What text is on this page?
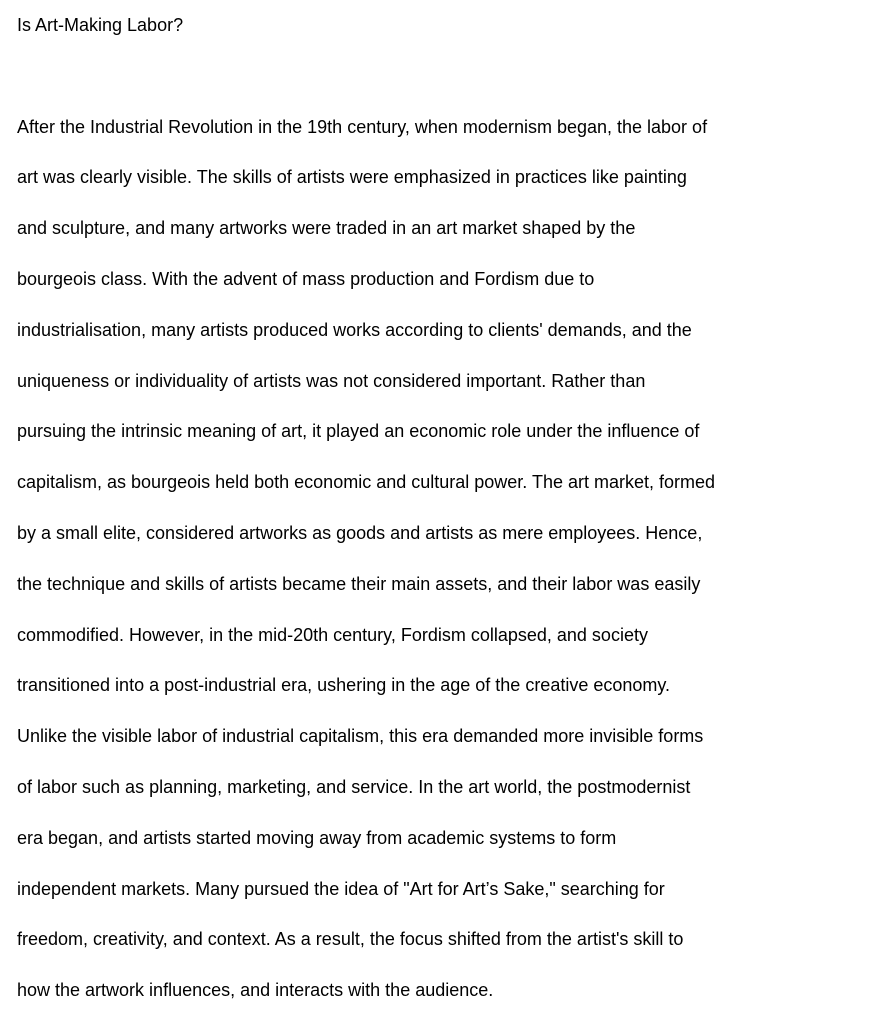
Is Art-Making Labor?
After the Industrial Revolution in the 19th century, when modernism began, the labor of
art was clearly visible. The skills of artists were emphasized in practices like painting
and sculpture, and many artworks were traded in an art market shaped by the
bourgeois class. With the advent of mass production and Fordism due to
industrialisation, many artists produced works according to clients' demands, and the
uniqueness or individuality of artists was not considered important. Rather than
pursuing the intrinsic meaning of art, it played an economic role under the influence of
capitalism, as bourgeois held both economic and cultural power. The art market, formed
by a small elite, considered artworks as goods and artists as mere employees. Hence,
the technique and skills of artists became their main assets, and their labor was easily
commodified. However, in the mid-20th century, Fordism collapsed, and society
transitioned into a post-industrial era, ushering in the age of the creative economy.
Unlike the visible labor of industrial capitalism, this era demanded more invisible forms
of labor such as planning, marketing, and service. In the art world, the postmodernist
era began, and artists started moving away from academic systems to form
independent markets. Many pursued the idea of "Art for Art’s Sake," searching for
freedom, creativity, and context. As a result, the focus shifted from the artist's skill to
how the artwork influences, and interacts with the audience.
